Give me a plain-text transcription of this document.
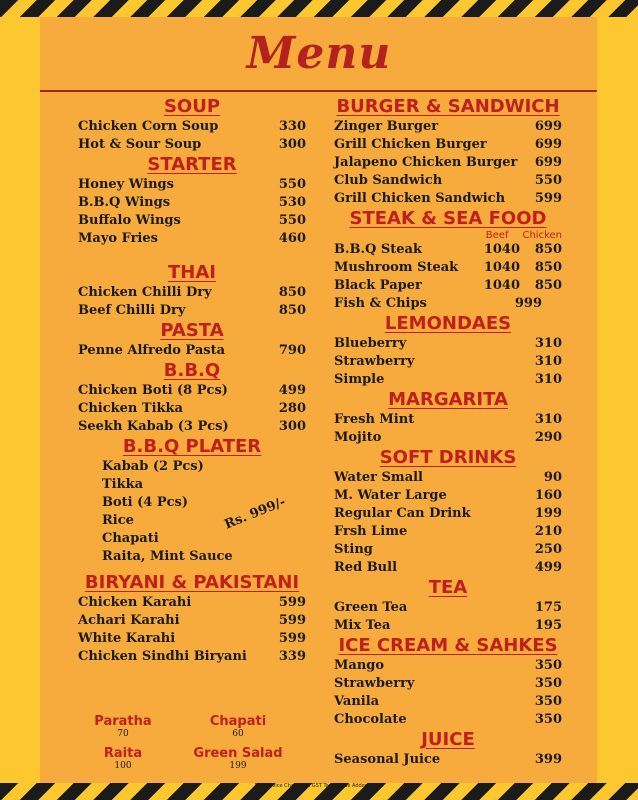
Menu
SOUP
Chicken Corn Soup	330
Hot & Sour Soup	300
STARTER
Honey Wings	550
B.B.Q Wings	530
Buffalo Wings	550
Mayo Fries	460
THAI
Chicken Chilli Dry	850
Beef Chilli Dry	850
PASTA
Penne Alfredo Pasta	790
B.B.Q
Chicken Boti (8 Pcs)	499
Chicken Tikka	280
Seekh Kabab (3 Pcs)	300
B.B.Q PLATER
Kabab (2 Pcs)
Tikka
Boti (4 Pcs)
Rice
Chapati
Raita, Mint Sauce
Rs. 999/-
BIRYANI & PAKISTANI
Chicken Karahi	599
Achari Karahi	599
White Karahi	599
Chicken Sindhi Biryani 339
Paratha
70
Chapati
60
Raita
100
Green Salad
199
BURGER & SANDWICH
Zinger Burger	699
Grill Chicken Burger	699
Jalapeno Chicken Burger 699
Club Sandwich	550
Grill Chicken Sandwich 599
STEAK & SEA FOOD
Beef Chicken
B.B.Q Steak	1040	850
Mushroom Steak	1040	850
Black Paper	1040	850
Fish & Chips	999
LEMONDAES
Blueberry	310
Strawberry	310
Simple	310
MARGARITA
Fresh Mint	310
Mojito	290
SOFT DRINKS
Water Small	90
M. Water Large	160
Regular Can Drink	199
Frsh Lime	210
Sting	250
Red Bull	499
TEA
Green Tea	175
Mix Tea	195
ICE CREAM & SAHKES
Mango	350
Strawberry	350
Vanila	350
Chocolate	350
JUICE
Seasonal Juice	399
5% Service Charges & GST Tax Will Be Added In Bill
